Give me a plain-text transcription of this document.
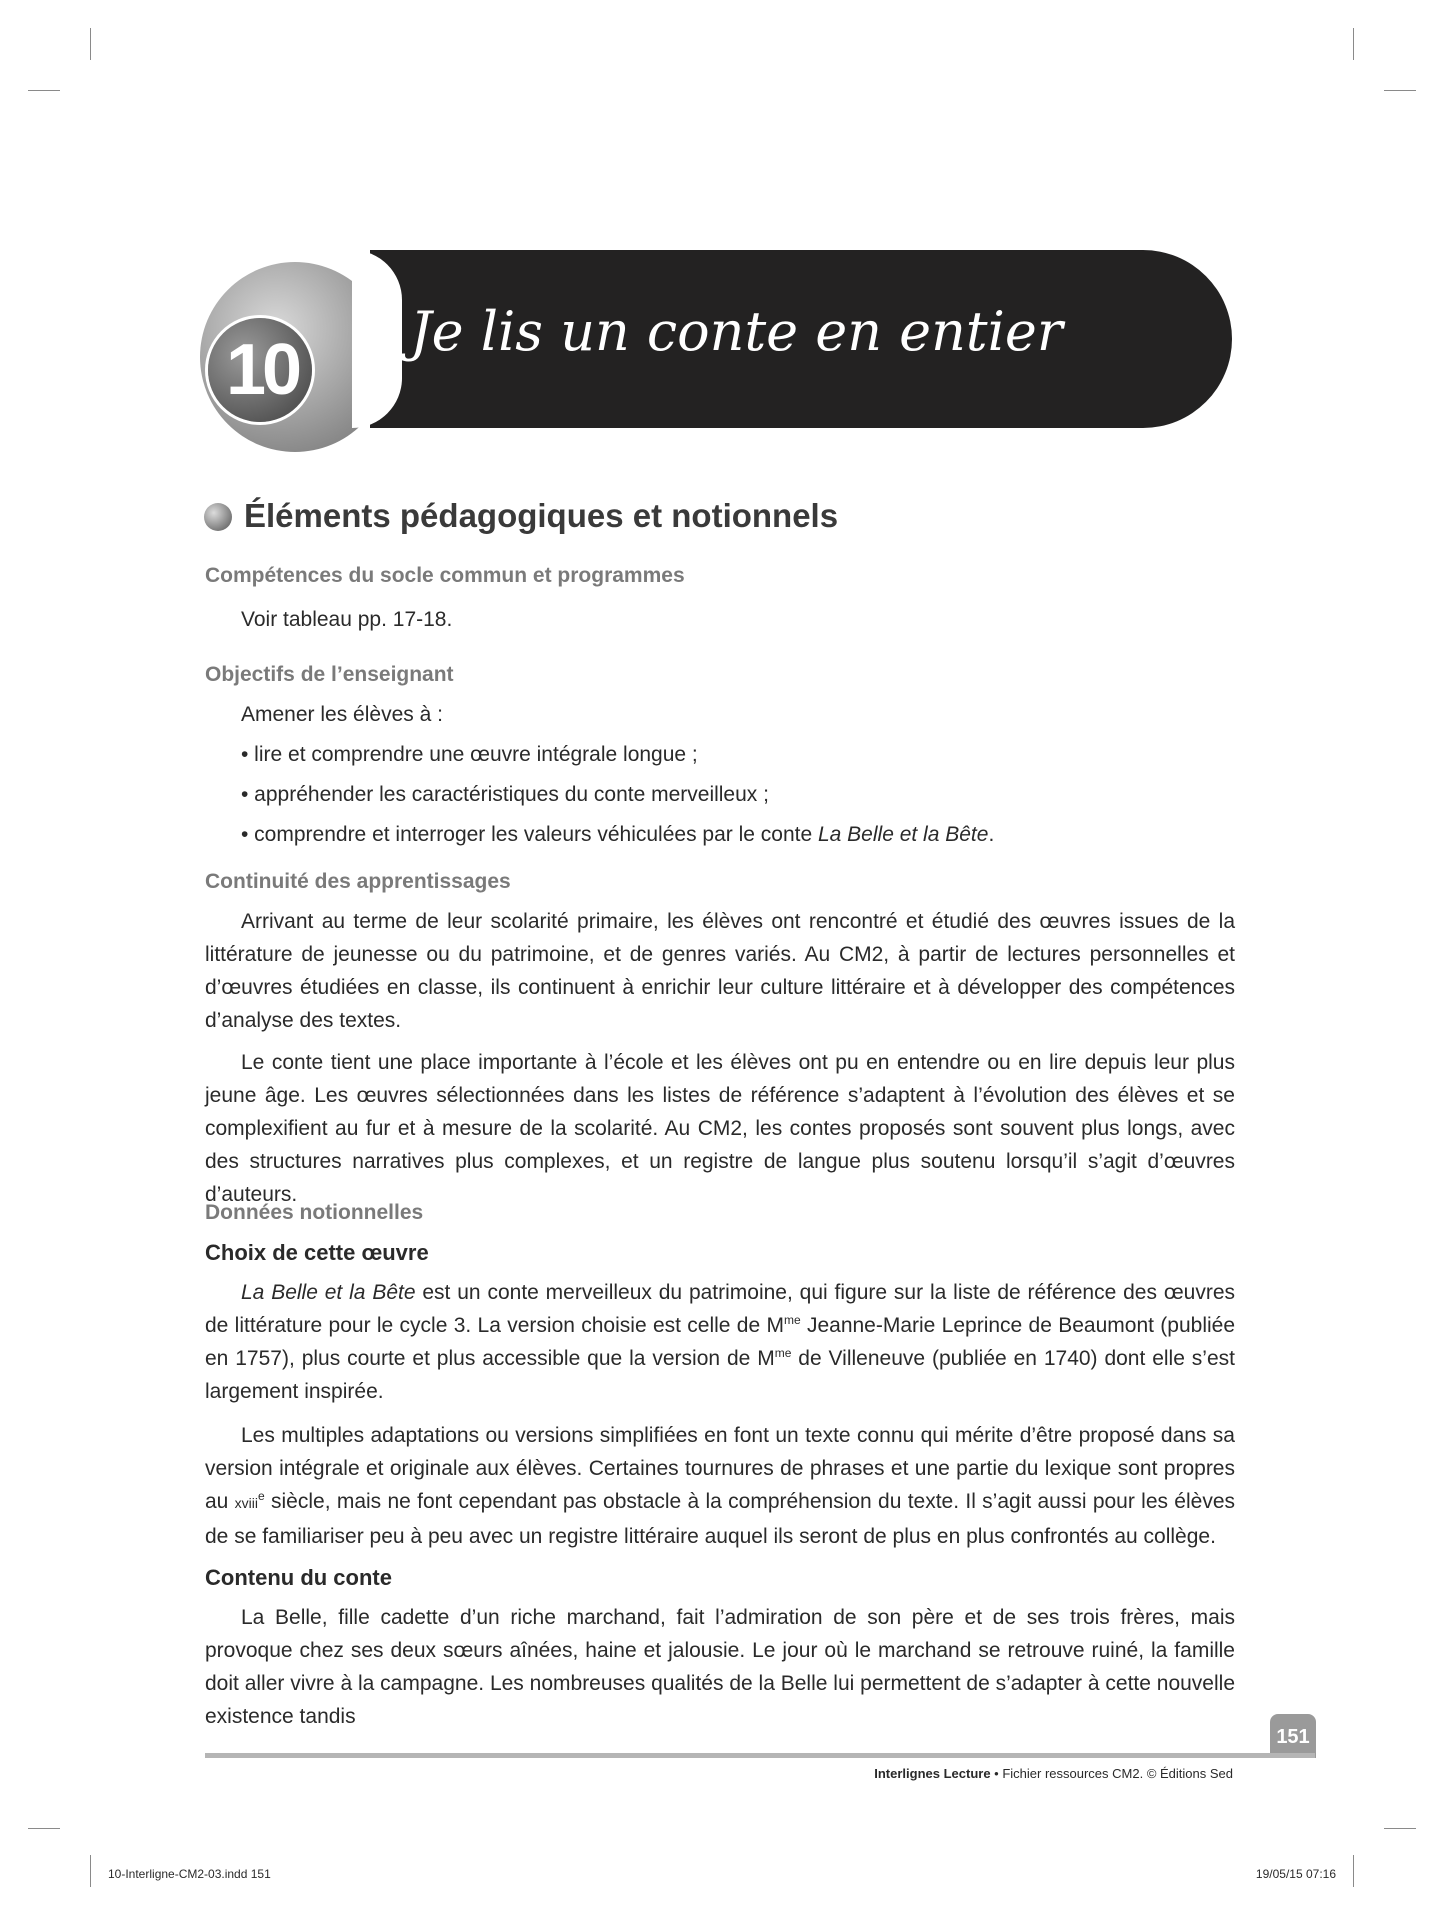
10 Je lis un conte en entier
Éléments pédagogiques et notionnels
Compétences du socle commun et programmes
Voir tableau pp. 17-18.
Objectifs de l’enseignant
Amener les élèves à :
• lire et comprendre une œuvre intégrale longue ;
• appréhender les caractéristiques du conte merveilleux ;
• comprendre et interroger les valeurs véhiculées par le conte La Belle et la Bête.
Continuité des apprentissages
Arrivant au terme de leur scolarité primaire, les élèves ont rencontré et étudié des œuvres issues de la littérature de jeunesse ou du patrimoine, et de genres variés. Au CM2, à partir de lectures personnelles et d’œuvres étudiées en classe, ils continuent à enrichir leur culture littéraire et à développer des compétences d’analyse des textes.
Le conte tient une place importante à l’école et les élèves ont pu en entendre ou en lire depuis leur plus jeune âge. Les œuvres sélectionnées dans les listes de référence s’adaptent à l’évolution des élèves et se complexifient au fur et à mesure de la scolarité. Au CM2, les contes proposés sont souvent plus longs, avec des structures narratives plus complexes, et un registre de langue plus soutenu lorsqu’il s’agit d’œuvres d’auteurs.
Données notionnelles
Choix de cette œuvre
La Belle et la Bête est un conte merveilleux du patrimoine, qui figure sur la liste de référence des œuvres de littérature pour le cycle 3. La version choisie est celle de $M^{me}$ Jeanne-Marie Leprince de Beaumont (publiée en 1757), plus courte et plus accessible que la version de $M^{me}$ de Villeneuve (publiée en 1740) dont elle s’est largement inspirée.
Les multiples adaptations ou versions simplifiées en font un texte connu qui mérite d’être proposé dans sa version intégrale et originale aux élèves. Certaines tournures de phrases et une partie du lexique sont propres au xviii$^e$ siècle, mais ne font cependant pas obstacle à la compréhension du texte. Il s’agit aussi pour les élèves de se familiariser peu à peu avec un registre littéraire auquel ils seront de plus en plus confrontés au collège.
Contenu du conte
La Belle, fille cadette d’un riche marchand, fait l’admiration de son père et de ses trois frères, mais provoque chez ses deux sœurs aînées, haine et jalousie. Le jour où le marchand se retrouve ruiné, la famille doit aller vivre à la campagne. Les nombreuses qualités de la Belle lui permettent de s’adapter à cette nouvelle existence tandis
151
Interlignes Lecture • Fichier ressources CM2. © Éditions Sed
10-Interligne-CM2-03.indd 151	19/05/15 07:16
